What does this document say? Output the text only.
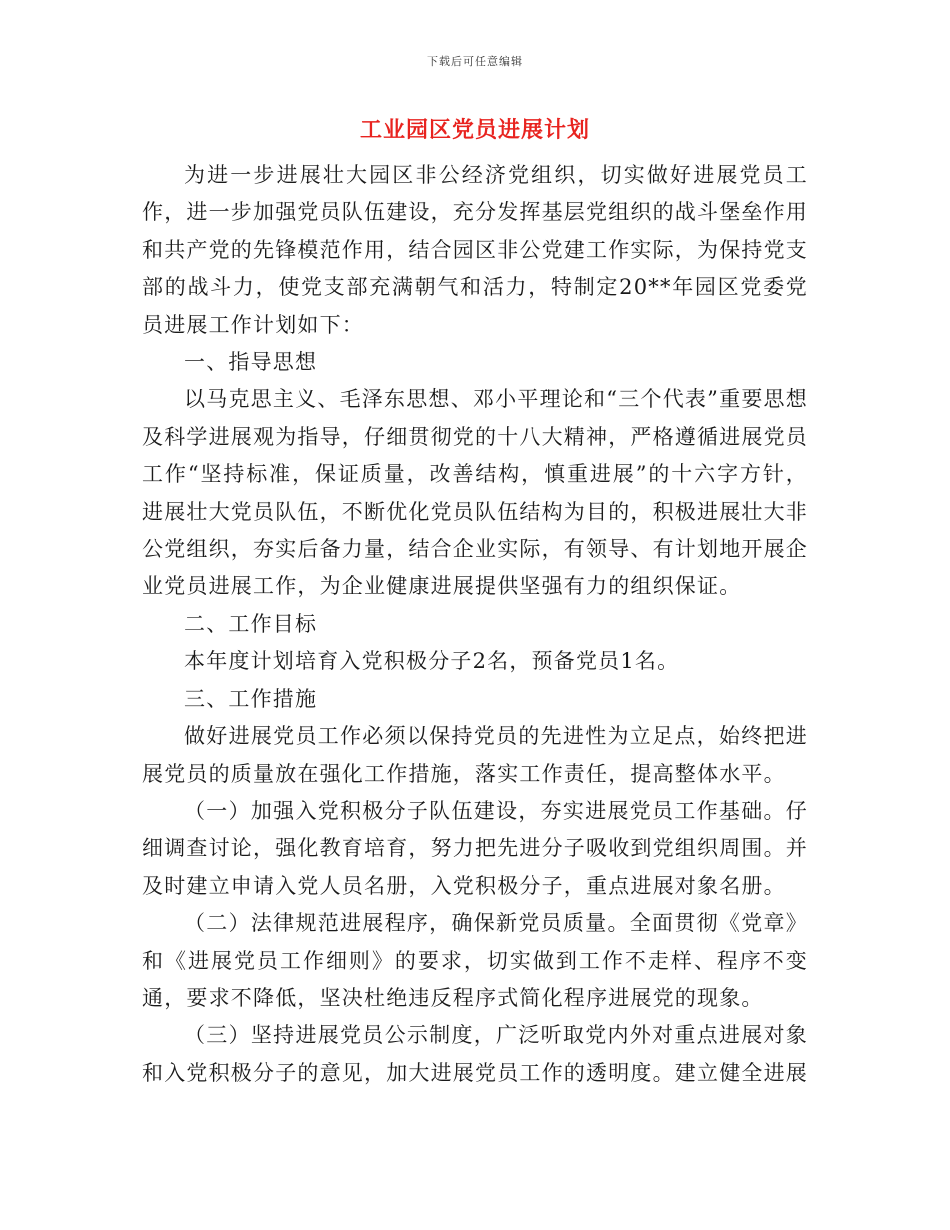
下载后可任意编辑
工业园区党员进展计划

为进一步进展壮大园区非公经济党组织，切实做好进展党员工作，进一步加强党员队伍建设，充分发挥基层党组织的战斗堡垒作用和共产党的先锋模范作用，结合园区非公党建工作实际，为保持党支部的战斗力，使党支部充满朝气和活力，特制定20**年园区党委党员进展工作计划如下：

一、指导思想

以马克思主义、毛泽东思想、邓小平理论和“三个代表”重要思想及科学进展观为指导，仔细贯彻党的十八大精神，严格遵循进展党员工作“坚持标准，保证质量，改善结构，慎重进展”的十六字方针，进展壮大党员队伍，不断优化党员队伍结构为目的，积极进展壮大非公党组织，夯实后备力量，结合企业实际，有领导、有计划地开展企业党员进展工作，为企业健康进展提供坚强有力的组织保证。

二、工作目标

本年度计划培育入党积极分子2名，预备党员1名。

三、工作措施

做好进展党员工作必须以保持党员的先进性为立足点，始终把进展党员的质量放在强化工作措施，落实工作责任，提高整体水平。

（一）加强入党积极分子队伍建设，夯实进展党员工作基础。仔细调查讨论，强化教育培育，努力把先进分子吸收到党组织周围。并及时建立申请入党人员名册，入党积极分子，重点进展对象名册。

（二）法律规范进展程序，确保新党员质量。全面贯彻《党章》和《进展党员工作细则》的要求，切实做到工作不走样、程序不变通，要求不降低，坚决杜绝违反程序式简化程序进展党的现象。

（三）坚持进展党员公示制度，广泛听取党内外对重点进展对象和入党积极分子的意见，加大进展党员工作的透明度。建立健全进展
